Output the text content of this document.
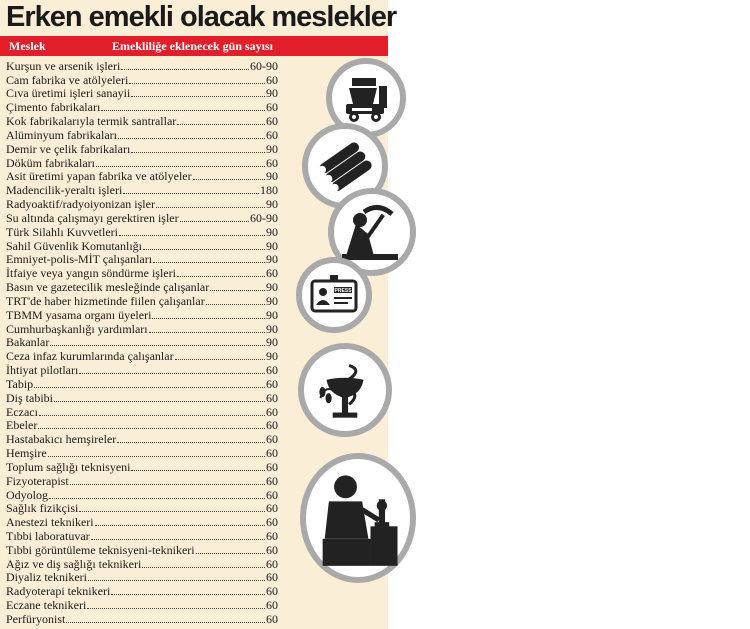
Erken emekli olacak meslekler
Meslek	Emekliliğe eklenecek gün sayısı
Kurşun ve arsenik işleri	60-90
Cam fabrika ve atölyeleri	60
Cıva üretimi işleri sanayii	90
Çimento fabrikaları	60
Kok fabrikalarıyla termik santrallar	60
Alüminyum fabrikaları	60
Demir ve çelik fabrikaları	90
Döküm fabrikaları	60
Asit üretimi yapan fabrika ve atölyeler	90
Madencilik-yeraltı işleri	180
Radyoaktif/radyoiyonizan işler	90
Su altında çalışmayı gerektiren işler	60-90
Türk Silahlı Kuvvetleri	90
Sahil Güvenlik Komutanlığı	90
Emniyet-polis-MİT çalışanları	90
İtfaiye veya yangın söndürme işleri	60
Basın ve gazetecilik mesleğinde çalışanlar	90
TRT'de haber hizmetinde fiilen çalışanlar	90
TBMM yasama organı üyeleri	90
Cumhurbaşkanlığı yardımları	90
Bakanlar	90
Ceza infaz kurumlarında çalışanlar	90
İhtiyat pilotları	60
Tabip	60
Diş tabibi	60
Eczacı	60
Ebeler	60
Hastabakıcı hemşireler	60
Hemşire	60
Toplum sağlığı teknisyeni	60
Fizyoterapist	60
Odyolog	60
Sağlık fizikçisi	60
Anestezi teknikeri	60
Tıbbi laboratuvar	60
Tıbbi görüntüleme teknisyeni-teknikeri	60
Ağız ve diş sağlığı teknikeri	60
Diyaliz teknikeri	60
Radyoterapi teknikeri	60
Eczane teknikeri	60
Perfüryonist	60
PRESS
